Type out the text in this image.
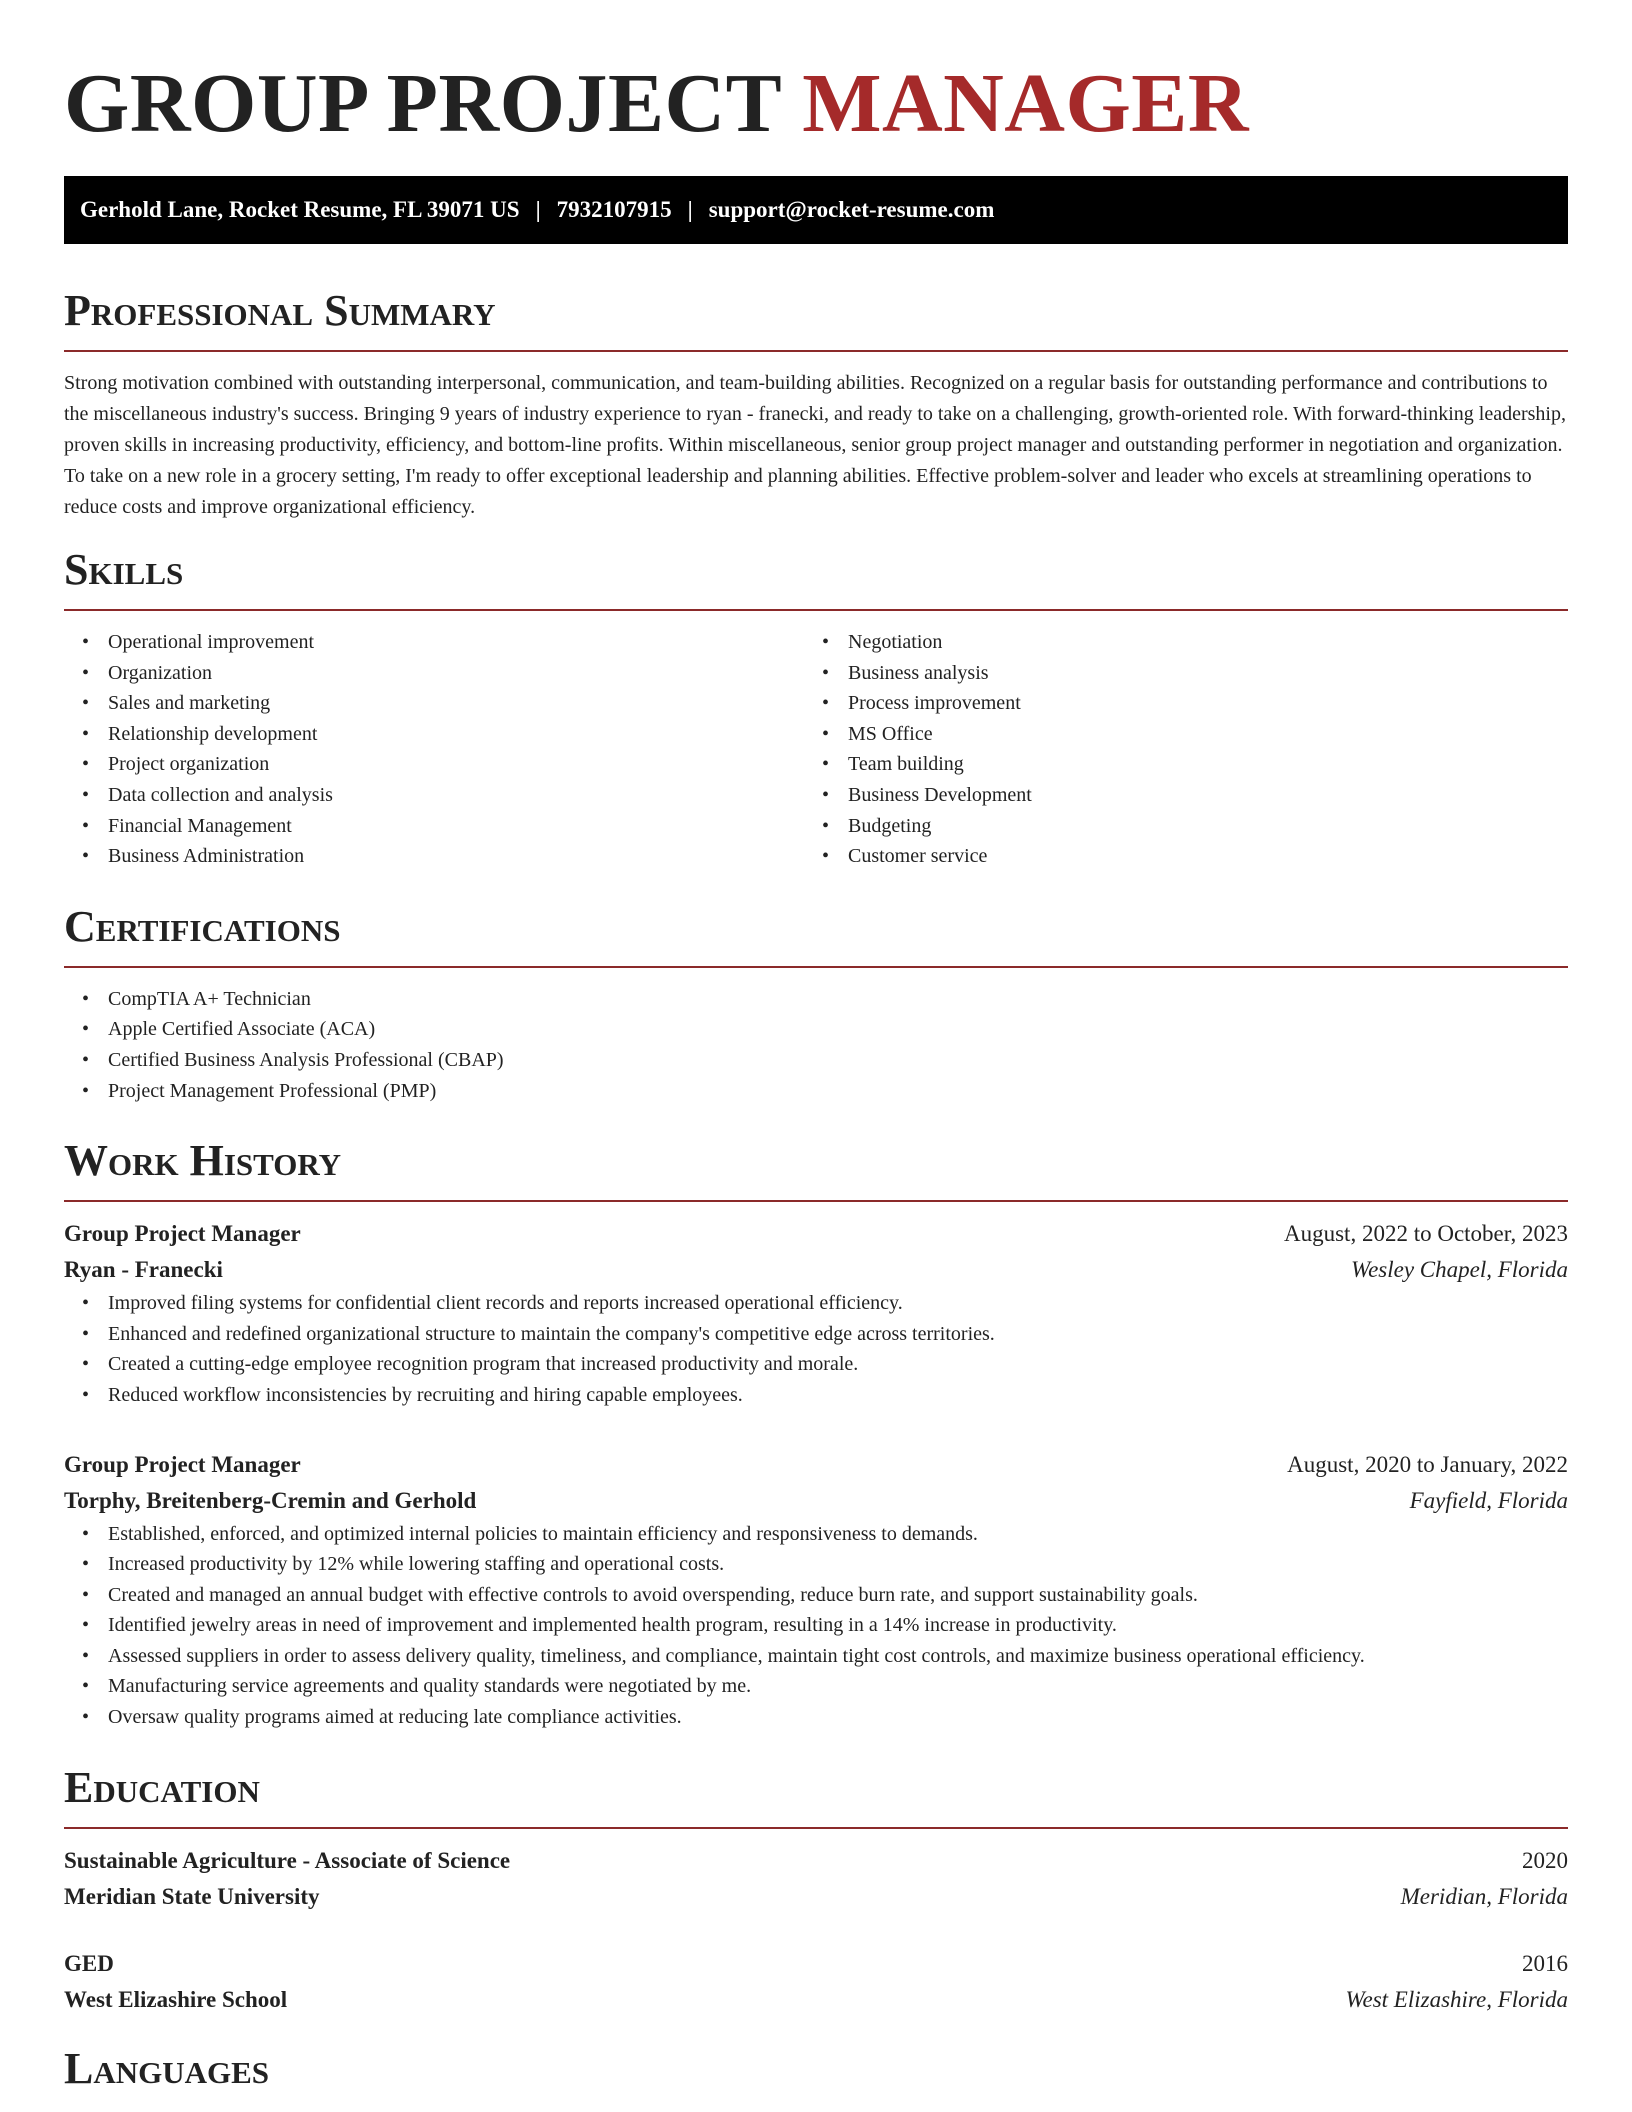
GROUP PROJECT MANAGER
Gerhold Lane, Rocket Resume, FL 39071 US | 7932107915 | support@rocket-resume.com
Professional Summary

Strong motivation combined with outstanding interpersonal, communication, and team-building abilities. Recognized on a regular basis for outstanding performance and contributions to the miscellaneous industry's success. Bringing 9 years of industry experience to ryan - franecki, and ready to take on a challenging, growth-oriented role. With forward-thinking leadership, proven skills in increasing productivity, efficiency, and bottom-line profits. Within miscellaneous, senior group project manager and outstanding performer in negotiation and organization. To take on a new role in a grocery setting, I'm ready to offer exceptional leadership and planning abilities. Effective problem-solver and leader who excels at streamlining operations to reduce costs and improve organizational efficiency.

Skills
• Operational improvement
• Organization
• Sales and marketing
• Relationship development
• Project organization
• Data collection and analysis
• Financial Management
• Business Administration
• Negotiation
• Business analysis
• Process improvement
• MS Office
• Team building
• Business Development
• Budgeting
• Customer service
Certifications
• CompTIA A+ Technician
• Apple Certified Associate (ACA)
• Certified Business Analysis Professional (CBAP)
• Project Management Professional (PMP)
Work History
Group Project Manager	August, 2022 to October, 2023
Ryan - Franecki	Wesley Chapel, Florida
• Improved filing systems for confidential client records and reports increased operational efficiency.
• Enhanced and redefined organizational structure to maintain the company's competitive edge across territories.
• Created a cutting-edge employee recognition program that increased productivity and morale.
• Reduced workflow inconsistencies by recruiting and hiring capable employees.
Group Project Manager	August, 2020 to January, 2022
Torphy, Breitenberg-Cremin and Gerhold	Fayfield, Florida
• Established, enforced, and optimized internal policies to maintain efficiency and responsiveness to demands.
• Increased productivity by 12% while lowering staffing and operational costs.
• Created and managed an annual budget with effective controls to avoid overspending, reduce burn rate, and support sustainability goals.
• Identified jewelry areas in need of improvement and implemented health program, resulting in a 14% increase in productivity.
• Assessed suppliers in order to assess delivery quality, timeliness, and compliance, maintain tight cost controls, and maximize business operational efficiency.
• Manufacturing service agreements and quality standards were negotiated by me.
• Oversaw quality programs aimed at reducing late compliance activities.
Education
Sustainable Agriculture - Associate of Science	2020
Meridian State University	Meridian, Florida
GED	2016
West Elizashire School	West Elizashire, Florida
Languages
